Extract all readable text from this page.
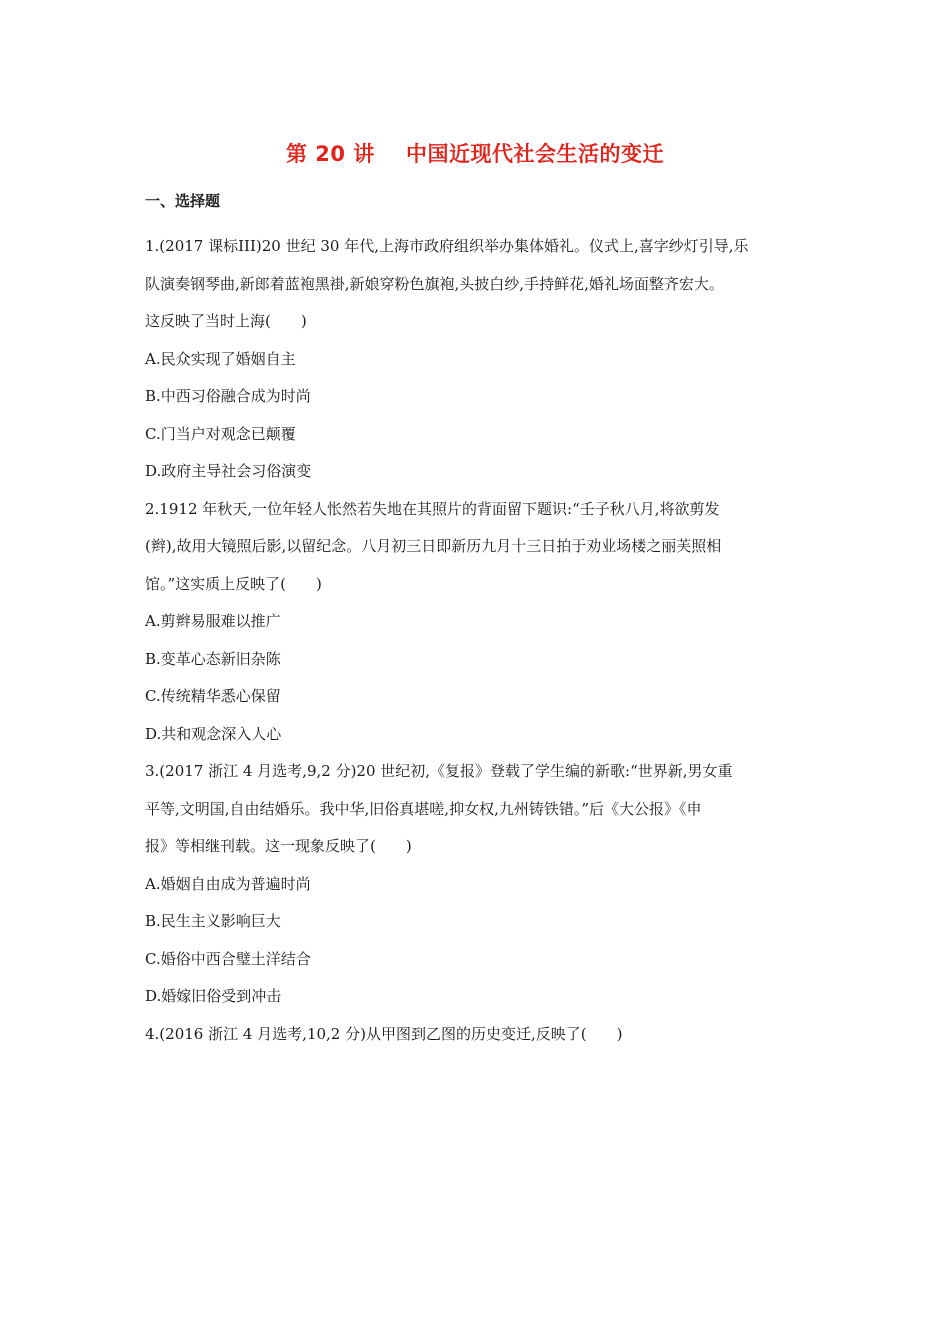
第 20 讲    中国近现代社会生活的变迁
一、选择题
1.(2017 课标III)20 世纪 30 年代,上海市政府组织举办集体婚礼。仪式上,喜字纱灯引导,乐
队演奏钢琴曲,新郎着蓝袍黑褂,新娘穿粉色旗袍,头披白纱,手持鲜花,婚礼场面整齐宏大。
这反映了当时上海(　　)
A.民众实现了婚姻自主
B.中西习俗融合成为时尚
C.门当户对观念已颠覆
D.政府主导社会习俗演变
2.1912 年秋天,一位年轻人怅然若失地在其照片的背面留下题识:“壬子秋八月,将欲剪发
(辫),故用大镜照后影,以留纪念。八月初三日即新历九月十三日拍于劝业场楼之丽芙照相
馆。”这实质上反映了(　　)
A.剪辫易服难以推广
B.变革心态新旧杂陈
C.传统精华悉心保留
D.共和观念深入人心
3.(2017 浙江 4 月选考,9,2 分)20 世纪初,《复报》登载了学生编的新歌:“世界新,男女重
平等,文明国,自由结婚乐。我中华,旧俗真堪嗟,抑女权,九州铸铁错。”后《大公报》《申
报》等相继刊载。这一现象反映了(　　)
A.婚姻自由成为普遍时尚
B.民生主义影响巨大
C.婚俗中西合璧土洋结合
D.婚嫁旧俗受到冲击
4.(2016 浙江 4 月选考,10,2 分)从甲图到乙图的历史变迁,反映了(　　)
